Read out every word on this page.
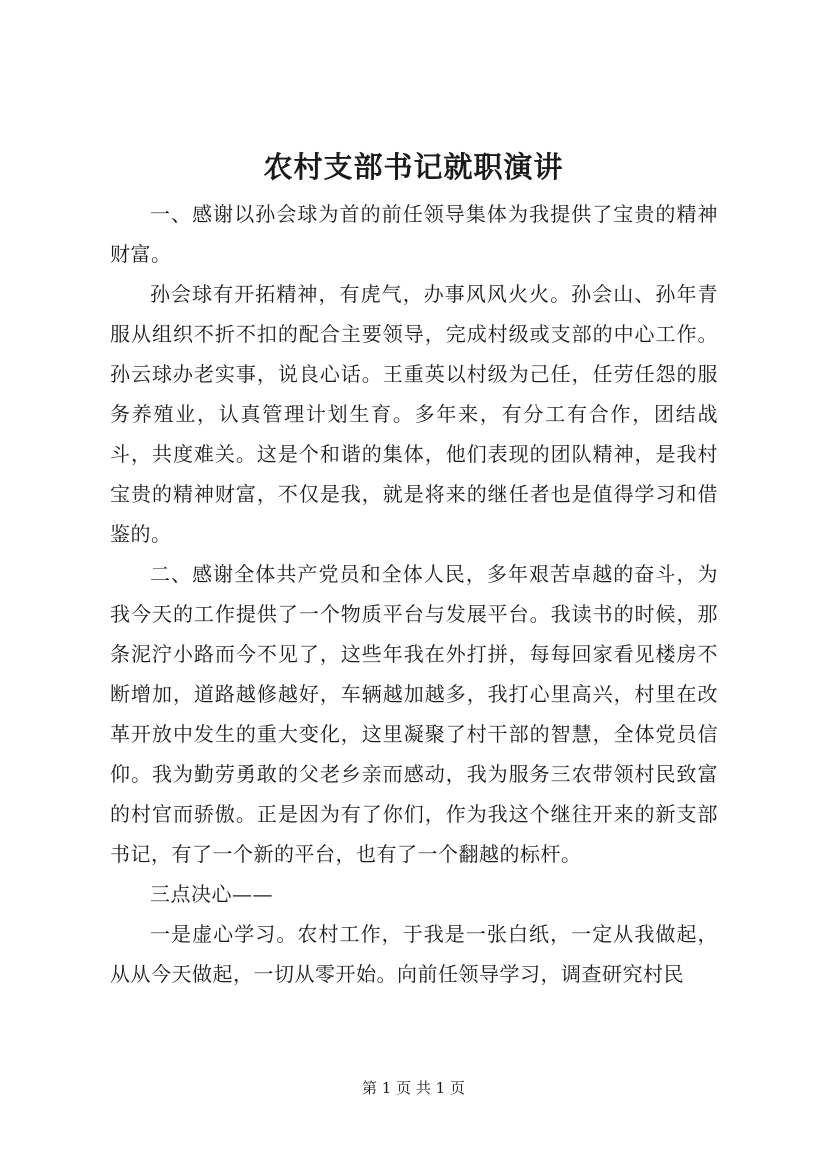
农村支部书记就职演讲

一、感谢以孙会球为首的前任领导集体为我提供了宝贵的精神财富。

孙会球有开拓精神，有虎气，办事风风火火。孙会山、孙年青服从组织不折不扣的配合主要领导，完成村级或支部的中心工作。孙云球办老实事，说良心话。王重英以村级为己任，任劳任怨的服务养殖业，认真管理计划生育。多年来，有分工有合作，团结战斗，共度难关。这是个和谐的集体，他们表现的团队精神，是我村宝贵的精神财富，不仅是我，就是将来的继任者也是值得学习和借鉴的。

二、感谢全体共产党员和全体人民，多年艰苦卓越的奋斗，为我今天的工作提供了一个物质平台与发展平台。我读书的时候，那条泥泞小路而今不见了，这些年我在外打拼，每每回家看见楼房不断增加，道路越修越好，车辆越加越多，我打心里高兴，村里在改革开放中发生的重大变化，这里凝聚了村干部的智慧，全体党员信仰。我为勤劳勇敢的父老乡亲而感动，我为服务三农带领村民致富的村官而骄傲。正是因为有了你们，作为我这个继往开来的新支部书记，有了一个新的平台，也有了一个翻越的标杆。

三点决心——

一是虚心学习。农村工作，于我是一张白纸，一定从我做起，从从今天做起，一切从零开始。向前任领导学习，调查研究村民

第 1 页 共 1 页
